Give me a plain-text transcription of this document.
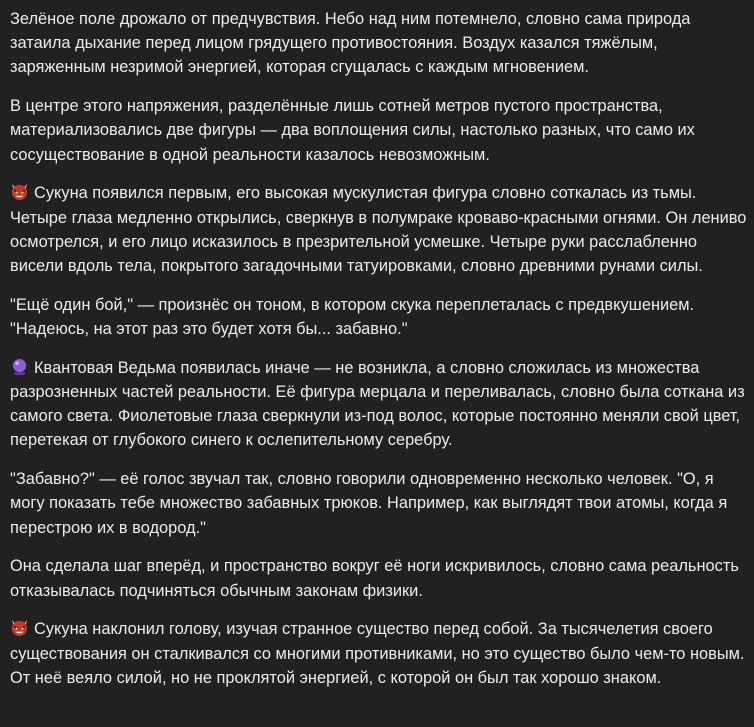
Зелёное поле дрожало от предчувствия. Небо над ним потемнело, словно сама природа затаила дыхание перед лицом грядущего противостояния. Воздух казался тяжёлым, заряженным незримой энергией, которая сгущалась с каждым мгновением.

В центре этого напряжения, разделённые лишь сотней метров пустого пространства, материализовались две фигуры — два воплощения силы, настолько разных, что само их сосуществование в одной реальности казалось невозможным.

Сукуна появился первым, его высокая мускулистая фигура словно соткалась из тьмы. Четыре глаза медленно открылись, сверкнув в полумраке кроваво-красными огнями. Он лениво осмотрелся, и его лицо исказилось в презрительной усмешке. Четыре руки расслабленно висели вдоль тела, покрытого загадочными татуировками, словно древними рунами силы.

"Ещё один бой," — произнёс он тоном, в котором скука переплеталась с предвкушением. "Надеюсь, на этот раз это будет хотя бы... забавно."

Квантовая Ведьма появилась иначе — не возникла, а словно сложилась из множества разрозненных частей реальности. Её фигура мерцала и переливалась, словно была соткана из самого света. Фиолетовые глаза сверкнули из-под волос, которые постоянно меняли свой цвет, перетекая от глубокого синего к ослепительному серебру.

"Забавно?" — её голос звучал так, словно говорили одновременно несколько человек. "О, я могу показать тебе множество забавных трюков. Например, как выглядят твои атомы, когда я перестрою их в водород."

Она сделала шаг вперёд, и пространство вокруг её ноги искривилось, словно сама реальность отказывалась подчиняться обычным законам физики.

Сукуна наклонил голову, изучая странное существо перед собой. За тысячелетия своего существования он сталкивался со многими противниками, но это существо было чем-то новым. От неё веяло силой, но не проклятой энергией, с которой он был так хорошо знаком.
